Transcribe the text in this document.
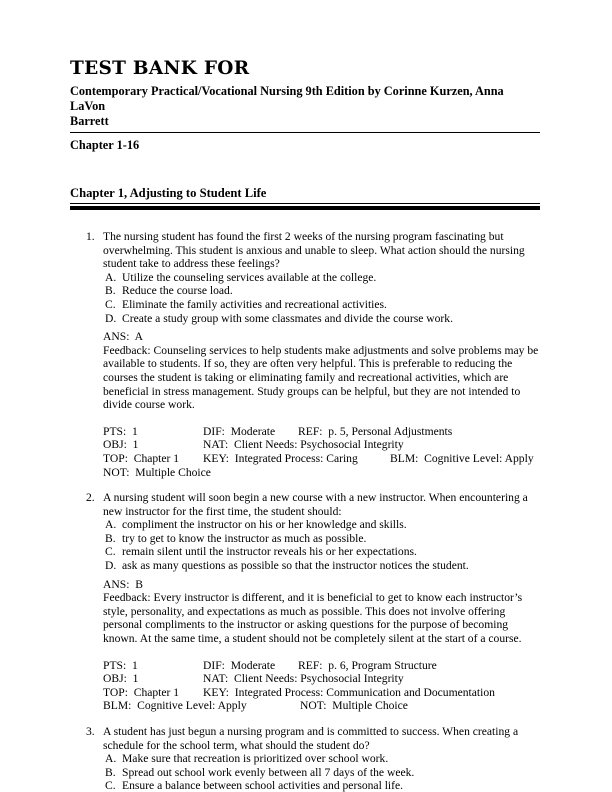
TEST BANK FOR
Contemporary Practical/Vocational Nursing 9th Edition by Corinne Kurzen, Anna LaVon
Barrett
Chapter 1-16
Chapter 1, Adjusting to Student Life
1. The nursing student has found the first 2 weeks of the nursing program fascinating but overwhelming. This student is anxious and unable to sleep. What action should the nursing student take to address these feelings?
A. Utilize the counseling services available at the college.
B. Reduce the course load.
C. Eliminate the family activities and recreational activities.
D. Create a study group with some classmates and divide the course work.
ANS:  A
Feedback: Counseling services to help students make adjustments and solve problems may be available to students. If so, they are often very helpful. This is preferable to reducing the courses the student is taking or eliminating family and recreational activities, which are beneficial in stress management. Study groups can be helpful, but they are not intended to divide course work.
PTS:  1	DIF:  Moderate REF:  p. 5, Personal Adjustments
OBJ:  1	NAT:  Client Needs: Psychosocial Integrity
TOP:  Chapter 1 KEY:  Integrated Process: Caring	BLM:  Cognitive Level: Apply
NOT:  Multiple Choice
2. A nursing student will soon begin a new course with a new instructor. When encountering a new instructor for the first time, the student should:
A. compliment the instructor on his or her knowledge and skills.
B. try to get to know the instructor as much as possible.
C. remain silent until the instructor reveals his or her expectations.
D. ask as many questions as possible so that the instructor notices the student.
ANS:  B
Feedback: Every instructor is different, and it is beneficial to get to know each instructor’s style, personality, and expectations as much as possible. This does not involve offering personal compliments to the instructor or asking questions for the purpose of becoming known. At the same time, a student should not be completely silent at the start of a course.
PTS:  1	DIF:  Moderate REF:  p. 6, Program Structure
OBJ:  1	NAT:  Client Needs: Psychosocial Integrity
TOP:  Chapter 1 KEY:  Integrated Process: Communication and Documentation
BLM:  Cognitive Level: Apply	NOT:  Multiple Choice
3. A student has just begun a nursing program and is committed to success. When creating a schedule for the school term, what should the student do?
A. Make sure that recreation is prioritized over school work.
B. Spread out school work evenly between all 7 days of the week.
C. Ensure a balance between school activities and personal life.
